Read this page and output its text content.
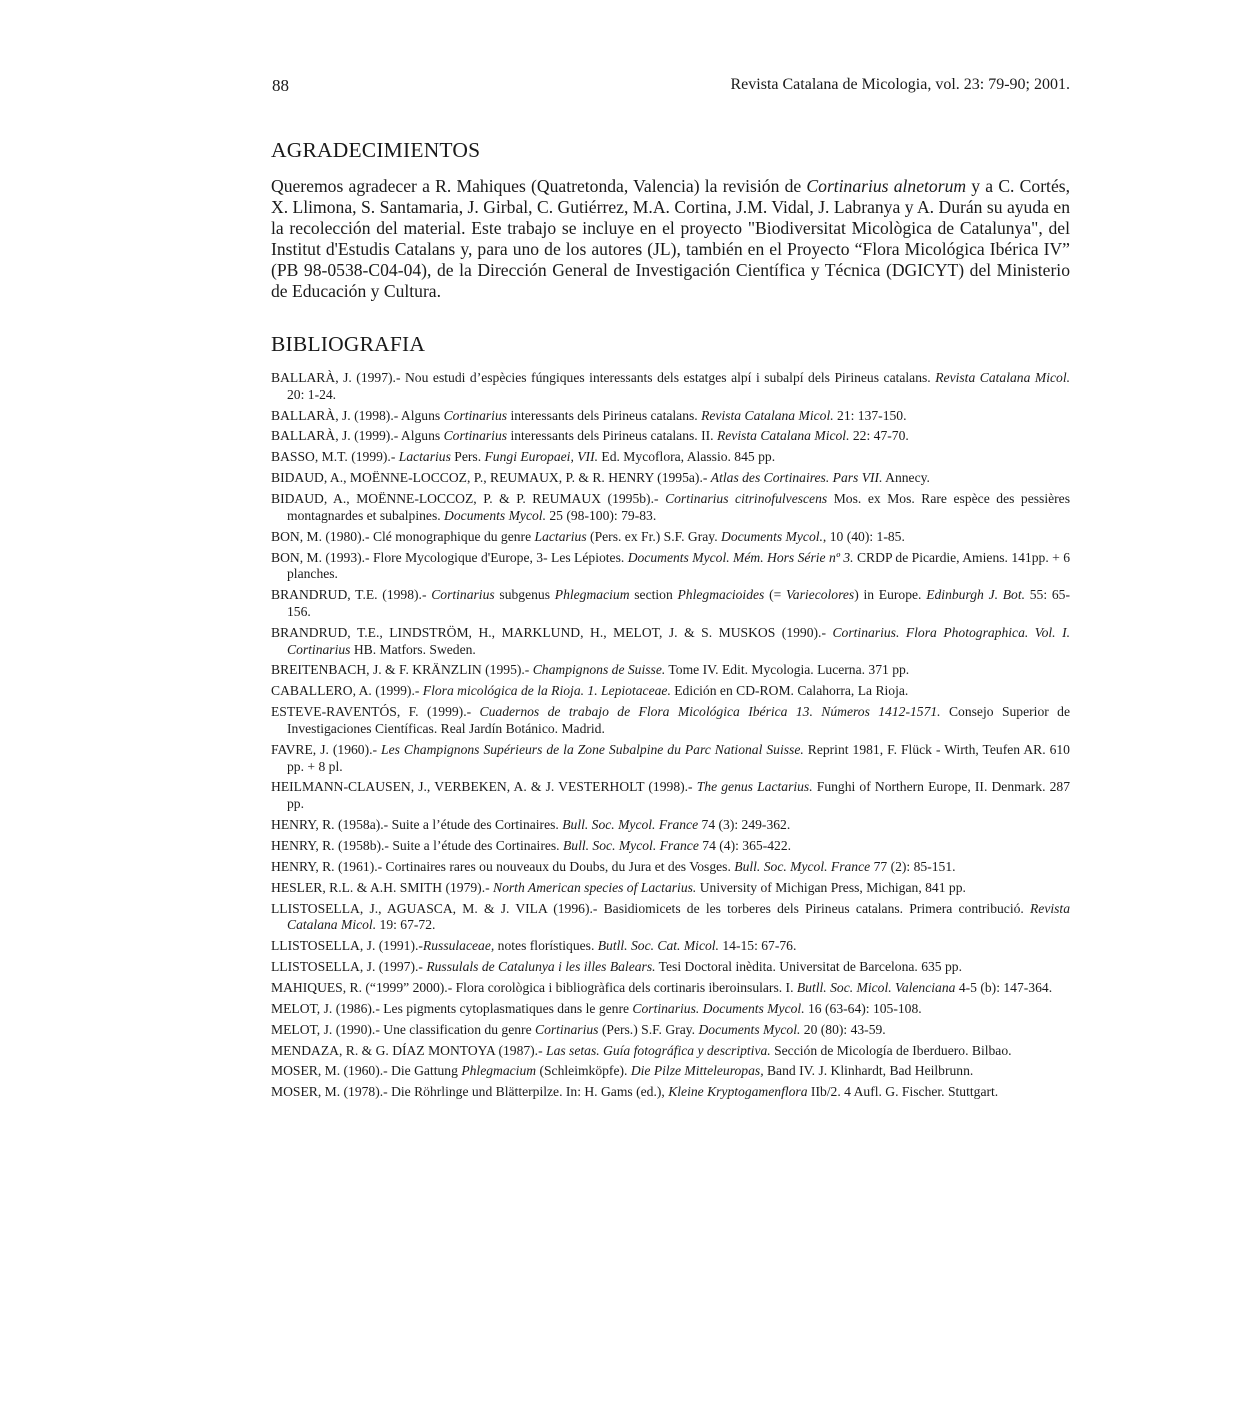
88	Revista Catalana de Micologia, vol. 23: 79-90; 2001.
AGRADECIMIENTOS
Queremos agradecer a R. Mahiques (Quatretonda, Valencia) la revisión de Cortinarius alnetorum y a C. Cortés, X. Llimona, S. Santamaria, J. Girbal, C. Gutiérrez, M.A. Cortina, J.M. Vidal, J. Labranya y A. Durán su ayuda en la recolección del material. Este trabajo se incluye en el proyecto "Biodiversitat Micològica de Catalunya", del Institut d'Estudis Catalans y, para uno de los autores (JL), también en el Proyecto “Flora Micológica Ibérica IV” (PB 98-0538-C04-04), de la Dirección General de Investigación Científica y Técnica (DGICYT) del Ministerio de Educación y Cultura.
BIBLIOGRAFIA
BALLARÀ, J. (1997).- Nou estudi d’espècies fúngiques interessants dels estatges alpí i subalpí dels Pirineus catalans. Revista Catalana Micol. 20: 1-24.
BALLARÀ, J. (1998).- Alguns Cortinarius interessants dels Pirineus catalans. Revista Catalana Micol. 21: 137-150.
BALLARÀ, J. (1999).- Alguns Cortinarius interessants dels Pirineus catalans. II. Revista Catalana Micol. 22: 47-70.
BASSO, M.T. (1999).- Lactarius Pers. Fungi Europaei, VII. Ed. Mycoflora, Alassio. 845 pp.
BIDAUD, A., MOËNNE-LOCCOZ, P., REUMAUX, P. & R. HENRY (1995a).- Atlas des Cortinaires. Pars VII. Annecy.
BIDAUD, A., MOËNNE-LOCCOZ, P. & P. REUMAUX (1995b).- Cortinarius citrinofulvescens Mos. ex Mos. Rare espèce des pessières montagnardes et subalpines. Documents Mycol. 25 (98-100): 79-83.
BON, M. (1980).- Clé monographique du genre Lactarius (Pers. ex Fr.) S.F. Gray. Documents Mycol., 10 (40): 1-85.
BON, M. (1993).- Flore Mycologique d'Europe, 3- Les Lépiotes. Documents Mycol. Mém. Hors Série nº 3. CRDP de Picardie, Amiens. 141pp. + 6 planches.
BRANDRUD, T.E. (1998).- Cortinarius subgenus Phlegmacium section Phlegmacioides (= Variecolores) in Europe. Edinburgh J. Bot. 55: 65-156.
BRANDRUD, T.E., LINDSTRÖM, H., MARKLUND, H., MELOT, J. & S. MUSKOS (1990).- Cortinarius. Flora Photographica. Vol. I. Cortinarius HB. Matfors. Sweden.
BREITENBACH, J. & F. KRÄNZLIN (1995).- Champignons de Suisse. Tome IV. Edit. Mycologia. Lucerna. 371 pp.
CABALLERO, A. (1999).- Flora micológica de la Rioja. 1. Lepiotaceae. Edición en CD-ROM. Calahorra, La Rioja.
ESTEVE-RAVENTÓS, F. (1999).- Cuadernos de trabajo de Flora Micológica Ibérica 13. Números 1412-1571. Consejo Superior de Investigaciones Científicas. Real Jardín Botánico. Madrid.
FAVRE, J. (1960).- Les Champignons Supérieurs de la Zone Subalpine du Parc National Suisse. Reprint 1981, F. Flück - Wirth, Teufen AR. 610 pp. + 8 pl.
HEILMANN-CLAUSEN, J., VERBEKEN, A. & J. VESTERHOLT (1998).- The genus Lactarius. Funghi of Northern Europe, II. Denmark. 287 pp.
HENRY, R. (1958a).- Suite a l’étude des Cortinaires. Bull. Soc. Mycol. France 74 (3): 249-362.
HENRY, R. (1958b).- Suite a l’étude des Cortinaires. Bull. Soc. Mycol. France 74 (4): 365-422.
HENRY, R. (1961).- Cortinaires rares ou nouveaux du Doubs, du Jura et des Vosges. Bull. Soc. Mycol. France 77 (2): 85-151.
HESLER, R.L. & A.H. SMITH (1979).- North American species of Lactarius. University of Michigan Press, Michigan, 841 pp.
LLISTOSELLA, J., AGUASCA, M. & J. VILA (1996).- Basidiomicets de les torberes dels Pirineus catalans. Primera contribució. Revista Catalana Micol. 19: 67-72.
LLISTOSELLA, J. (1991).-Russulaceae, notes florístiques. Butll. Soc. Cat. Micol. 14-15: 67-76.
LLISTOSELLA, J. (1997).- Russulals de Catalunya i les illes Balears. Tesi Doctoral inèdita. Universitat de Barcelona. 635 pp.
MAHIQUES, R. (“1999” 2000).- Flora corològica i bibliogràfica dels cortinaris iberoinsulars. I. Butll. Soc. Micol. Valenciana 4-5 (b): 147-364.
MELOT, J. (1986).- Les pigments cytoplasmatiques dans le genre Cortinarius. Documents Mycol. 16 (63-64): 105-108.
MELOT, J. (1990).- Une classification du genre Cortinarius (Pers.) S.F. Gray. Documents Mycol. 20 (80): 43-59.
MENDAZA, R. & G. DÍAZ MONTOYA (1987).- Las setas. Guía fotográfica y descriptiva. Sección de Micología de Iberduero. Bilbao.
MOSER, M. (1960).- Die Gattung Phlegmacium (Schleimköpfe). Die Pilze Mitteleuropas, Band IV. J. Klinhardt, Bad Heilbrunn.
MOSER, M. (1978).- Die Röhrlinge und Blätterpilze. In: H. Gams (ed.), Kleine Kryptogamenflora IIb/2. 4 Aufl. G. Fischer. Stuttgart.
